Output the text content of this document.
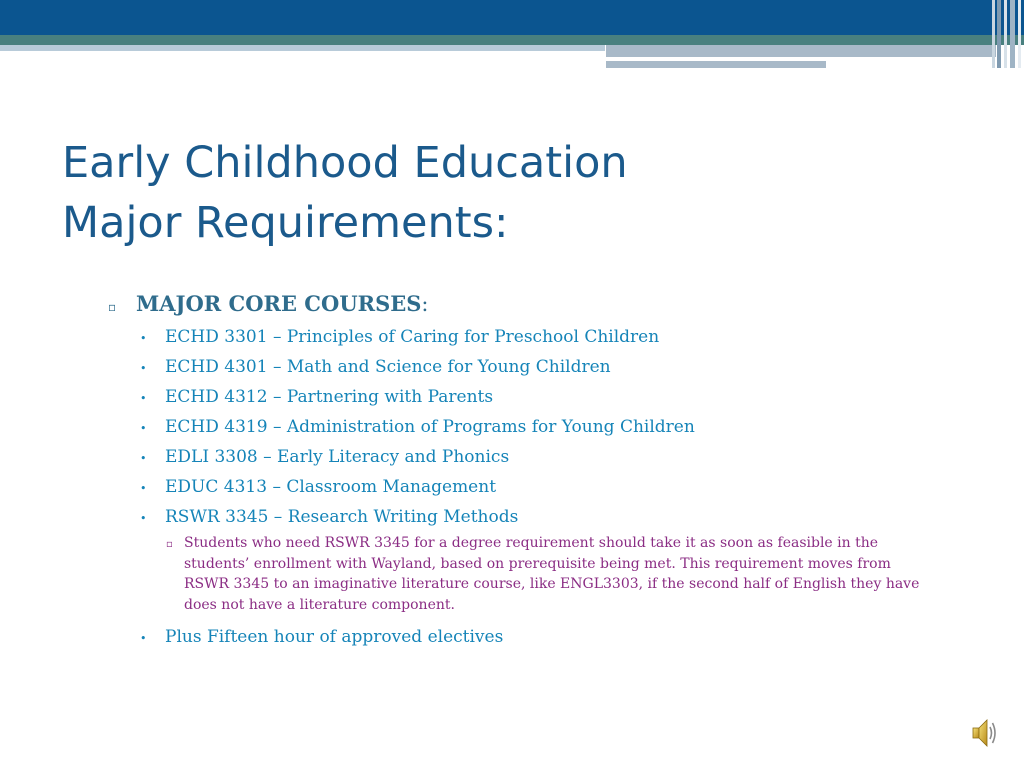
Early Childhood Education
Major Requirements:
▫ MAJOR CORE COURSES:
•	ECHD 3301 – Principles of Caring for Preschool Children
•	ECHD 4301 – Math and Science for Young Children
•	ECHD 4312 – Partnering with Parents
•	ECHD 4319 – Administration of Programs for Young Children
•	EDLI 3308 – Early Literacy and Phonics
•	EDUC 4313 – Classroom Management
•	RSWR 3345 – Research Writing Methods
▫ Students who need RSWR 3345 for a degree requirement should take it as soon as feasible in the students’ enrollment with Wayland, based on prerequisite being met. This requirement moves from RSWR 3345 to an imaginative literature course, like ENGL3303, if the second half of English they have does not have a literature component.
•	Plus Fifteen hour of approved electives
